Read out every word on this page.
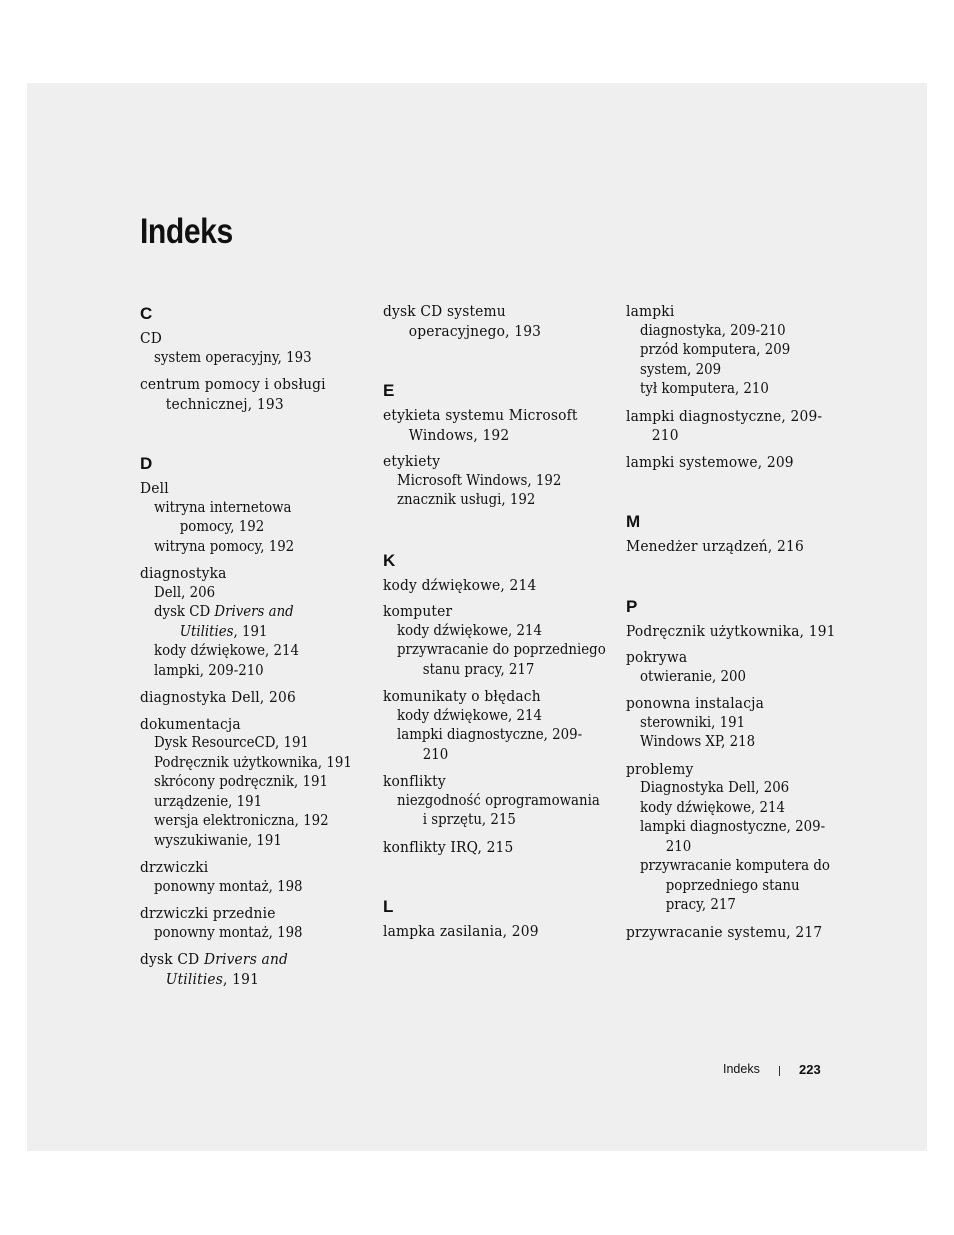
Indeks
C
CD
system operacyjny, 193
centrum pomocy i obsługi
technicznej, 193
D
Dell
witryna internetowa
pomocy, 192
witryna pomocy, 192
diagnostyka
Dell, 206
dysk CD Drivers and
Utilities, 191
kody dźwiękowe, 214
lampki, 209-210
diagnostyka Dell, 206
dokumentacja
Dysk ResourceCD, 191
Podręcznik użytkownika, 191
skrócony podręcznik, 191
urządzenie, 191
wersja elektroniczna, 192
wyszukiwanie, 191
drzwiczki
ponowny montaż, 198
drzwiczki przednie
ponowny montaż, 198
dysk CD Drivers and
Utilities, 191
dysk CD systemu
operacyjnego, 193
E
etykieta systemu Microsoft
Windows, 192
etykiety
Microsoft Windows, 192
znacznik usługi, 192
K
kody dźwiękowe, 214
komputer
kody dźwiękowe, 214
przywracanie do poprzedniego
stanu pracy, 217
komunikaty o błędach
kody dźwiękowe, 214
lampki diagnostyczne, 209-
210
konflikty
niezgodność oprogramowania
i sprzętu, 215
konflikty IRQ, 215
L
lampka zasilania, 209
lampki
diagnostyka, 209-210
przód komputera, 209
system, 209
tył komputera, 210
lampki diagnostyczne, 209-
210
lampki systemowe, 209
M
Menedżer urządzeń, 216
P
Podręcznik użytkownika, 191
pokrywa
otwieranie, 200
ponowna instalacja
sterowniki, 191
Windows XP, 218
problemy
Diagnostyka Dell, 206
kody dźwiękowe, 214
lampki diagnostyczne, 209-
210
przywracanie komputera do
poprzedniego stanu
pracy, 217
przywracanie systemu, 217
Indeks	223
